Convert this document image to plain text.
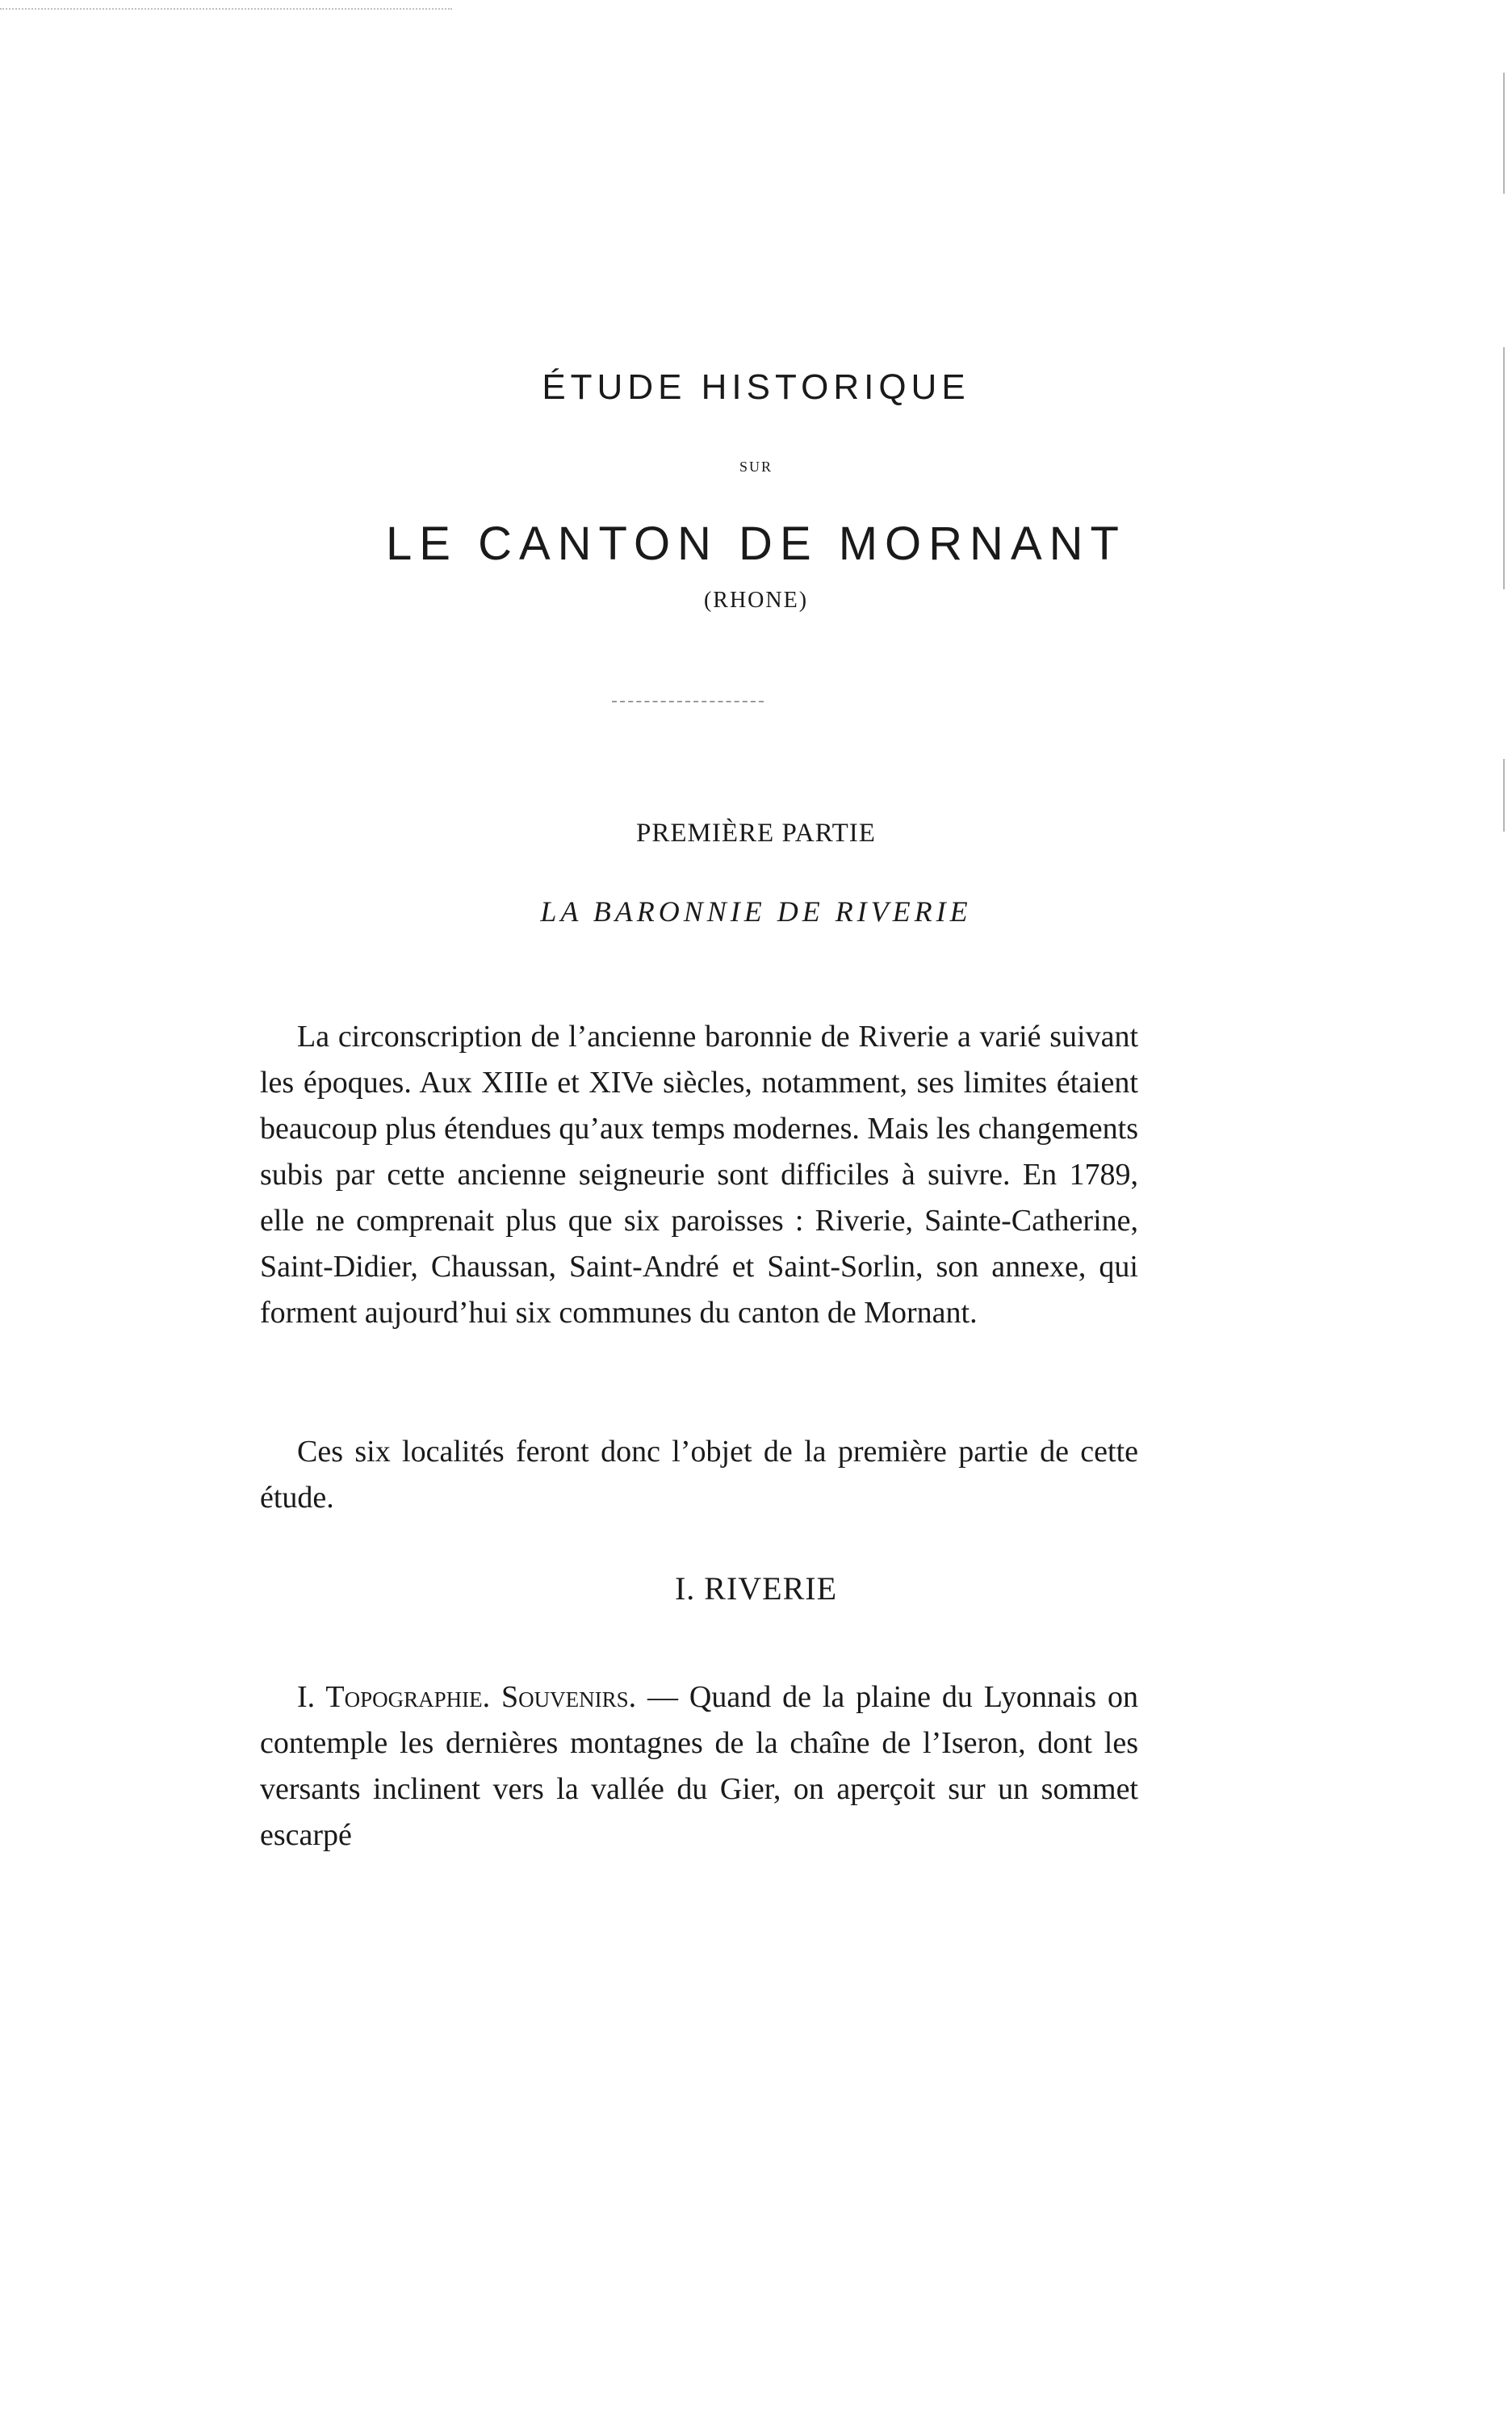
ÉTUDE HISTORIQUE
SUR
LE CANTON DE MORNANT
(RHONE)
PREMIÈRE PARTIE
LA BARONNIE DE RIVERIE

La circonscription de l’ancienne baronnie de Riverie a varié suivant les époques. Aux XIIIe et XIVe siècles, notamment, ses limites étaient beaucoup plus étendues qu’aux temps modernes. Mais les changements subis par cette ancienne seigneurie sont difficiles à suivre. En 1789, elle ne comprenait plus que six paroisses : Riverie, Sainte-Catherine, Saint-Didier, Chaussan, Saint-André et Saint-Sorlin, son annexe, qui forment aujourd’hui six communes du canton de Mornant.

Ces six localités feront donc l’objet de la première partie de cette étude.

I. RIVERIE

I. Topographie. Souvenirs. — Quand de la plaine du Lyonnais on contemple les dernières montagnes de la chaîne de l’Iseron, dont les versants inclinent vers la vallée du Gier, on aperçoit sur un sommet escarpé
